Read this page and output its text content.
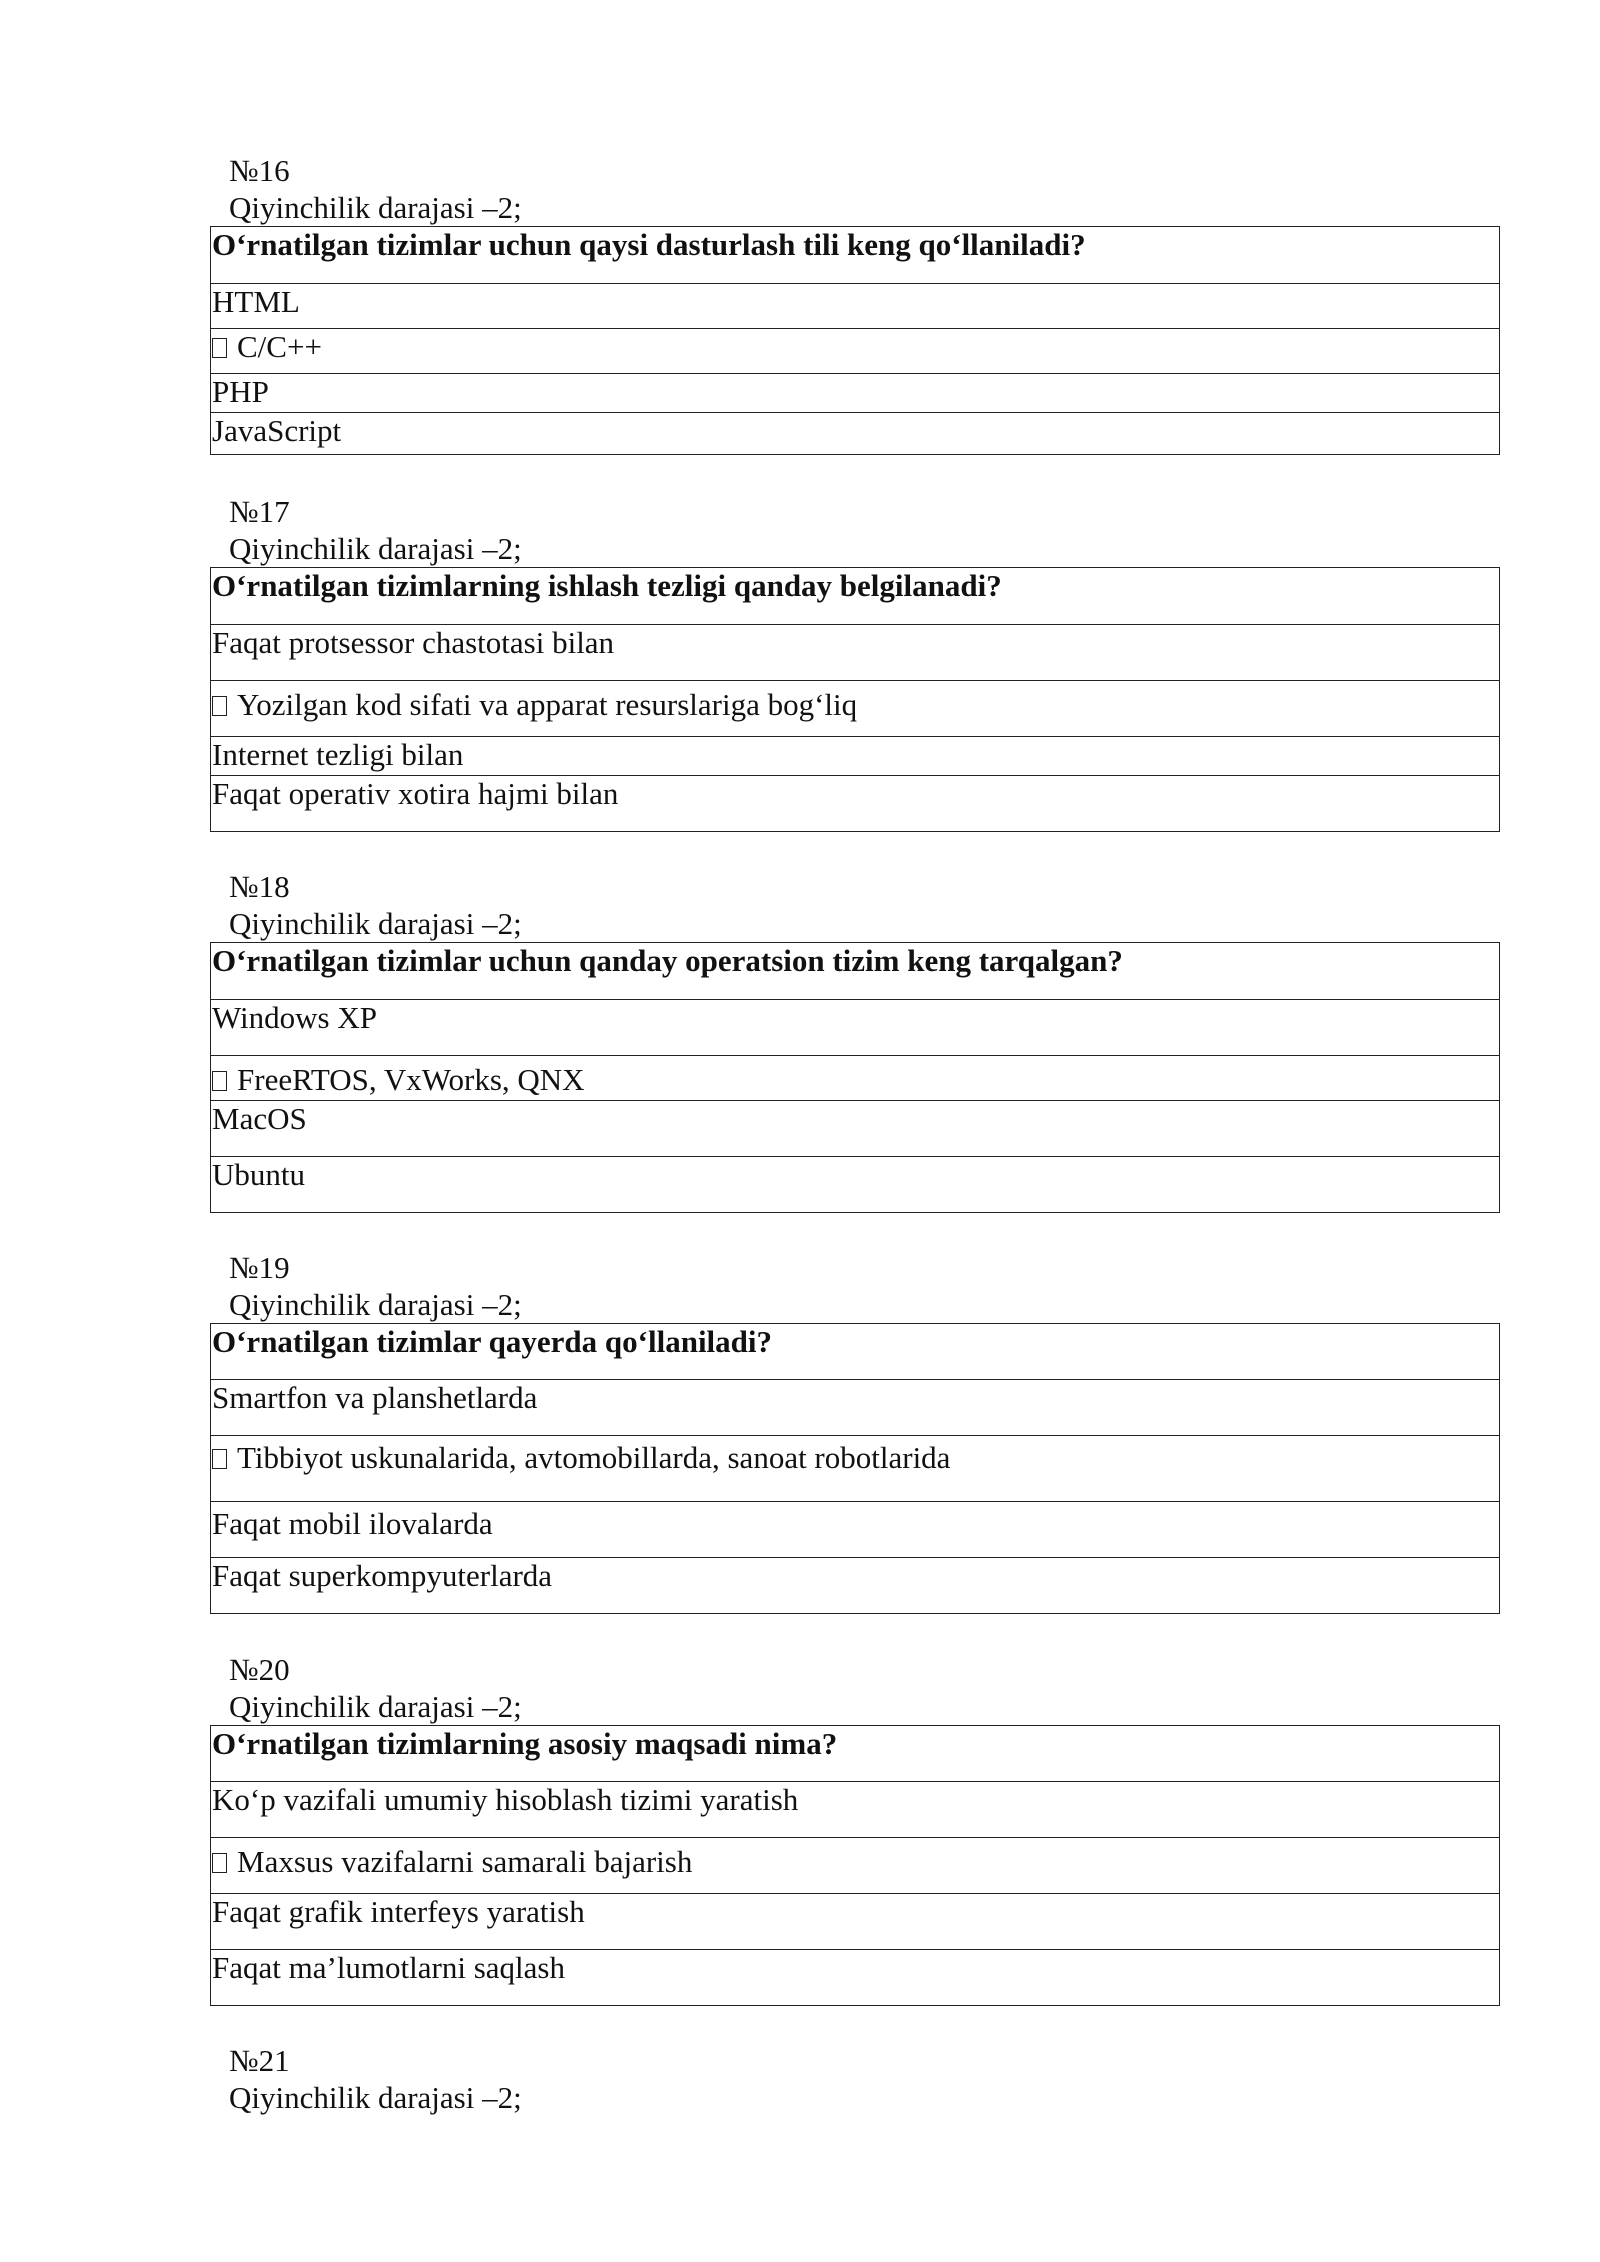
№16

Qiyinchilik darajasi –2;

O‘rnatilgan tizimlar uchun qaysi dasturlash tili keng qo‘llaniladi?
HTML
C/C++
PHP
JavaScript

№17

Qiyinchilik darajasi –2;

O‘rnatilgan tizimlarning ishlash tezligi qanday belgilanadi?
Faqat protsessor chastotasi bilan
Yozilgan kod sifati va apparat resurslariga bog‘liq
Internet tezligi bilan
Faqat operativ xotira hajmi bilan

№18

Qiyinchilik darajasi –2;

O‘rnatilgan tizimlar uchun qanday operatsion tizim keng tarqalgan?
Windows XP
FreeRTOS, VxWorks, QNX
MacOS
Ubuntu

№19

Qiyinchilik darajasi –2;

O‘rnatilgan tizimlar qayerda qo‘llaniladi?
Smartfon va planshetlarda
Tibbiyot uskunalarida, avtomobillarda, sanoat robotlarida
Faqat mobil ilovalarda
Faqat superkompyuterlarda

№20

Qiyinchilik darajasi –2;

O‘rnatilgan tizimlarning asosiy maqsadi nima?
Ko‘p vazifali umumiy hisoblash tizimi yaratish
Maxsus vazifalarni samarali bajarish
Faqat grafik interfeys yaratish
Faqat ma’lumotlarni saqlash

№21

Qiyinchilik darajasi –2;
